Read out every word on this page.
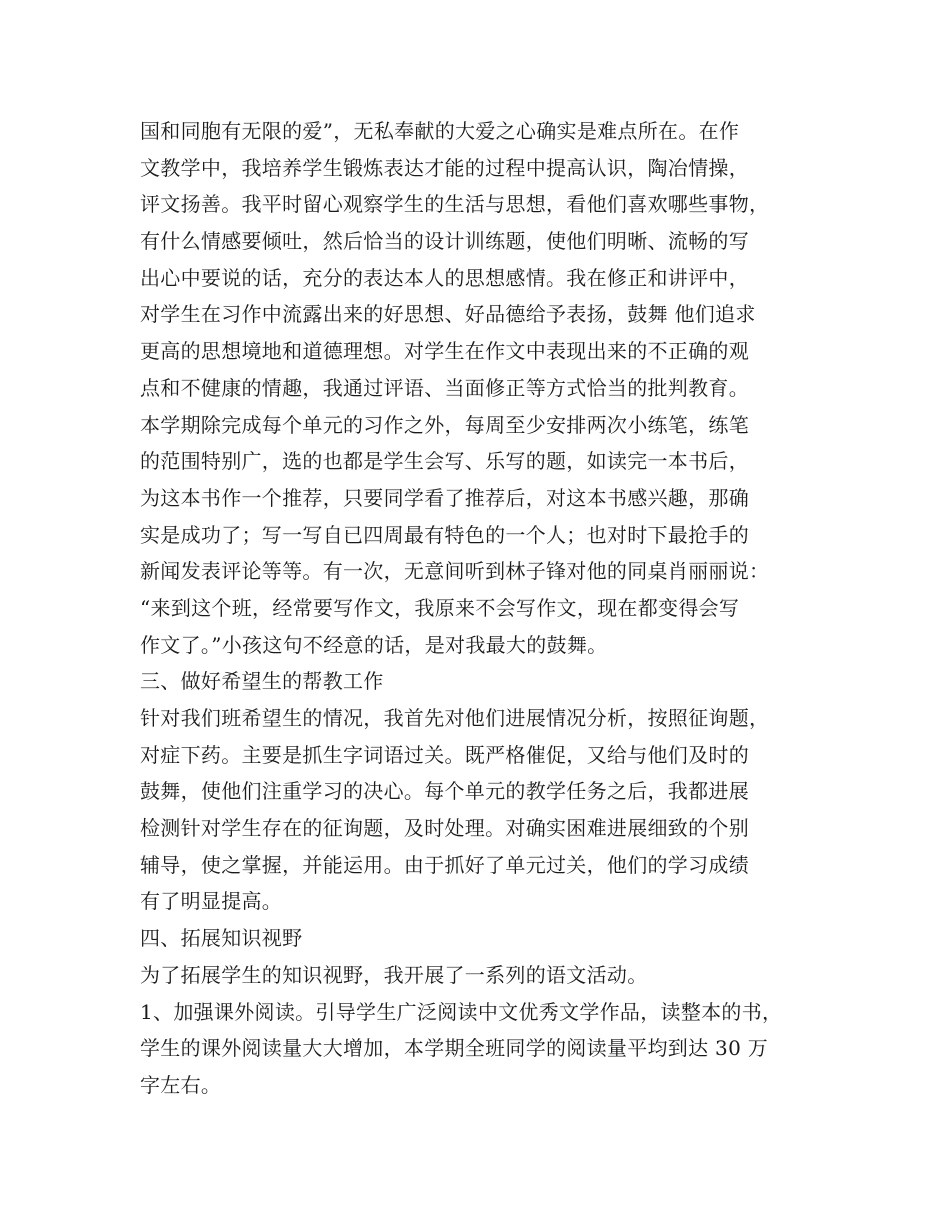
国和同胞有无限的爱”，无私奉献的大爱之心确实是难点所在。在作
文教学中，我培养学生锻炼表达才能的过程中提高认识，陶冶情操，
评文扬善。我平时留心观察学生的生活与思想，看他们喜欢哪些事物，
有什么情感要倾吐，然后恰当的设计训练题，使他们明晰、流畅的写
出心中要说的话，充分的表达本人的思想感情。我在修正和讲评中，
对学生在习作中流露出来的好思想、好品德给予表扬，鼓舞 他们追求
更高的思想境地和道德理想。对学生在作文中表现出来的不正确的观
点和不健康的情趣，我通过评语、当面修正等方式恰当的批判教育。
本学期除完成每个单元的习作之外，每周至少安排两次小练笔，练笔
的范围特别广，选的也都是学生会写、乐写的题，如读完一本书后，
为这本书作一个推荐，只要同学看了推荐后，对这本书感兴趣，那确
实是成功了；写一写自已四周最有特色的一个人；也对时下最抢手的
新闻发表评论等等。有一次，无意间听到林子锋对他的同桌肖丽丽说：
“来到这个班，经常要写作文，我原来不会写作文，现在都变得会写
作文了。”小孩这句不经意的话，是对我最大的鼓舞。
三、做好希望生的帮教工作
针对我们班希望生的情况，我首先对他们进展情况分析，按照征询题，
对症下药。主要是抓生字词语过关。既严格催促，又给与他们及时的
鼓舞，使他们注重学习的决心。每个单元的教学任务之后，我都进展
检测针对学生存在的征询题，及时处理。对确实困难进展细致的个别
辅导，使之掌握，并能运用。由于抓好了单元过关，他们的学习成绩
有了明显提高。
四、拓展知识视野
为了拓展学生的知识视野，我开展了一系列的语文活动。
1、加强课外阅读。引导学生广泛阅读中文优秀文学作品，读整本的书，
学生的课外阅读量大大增加，本学期全班同学的阅读量平均到达 30 万
字左右。
